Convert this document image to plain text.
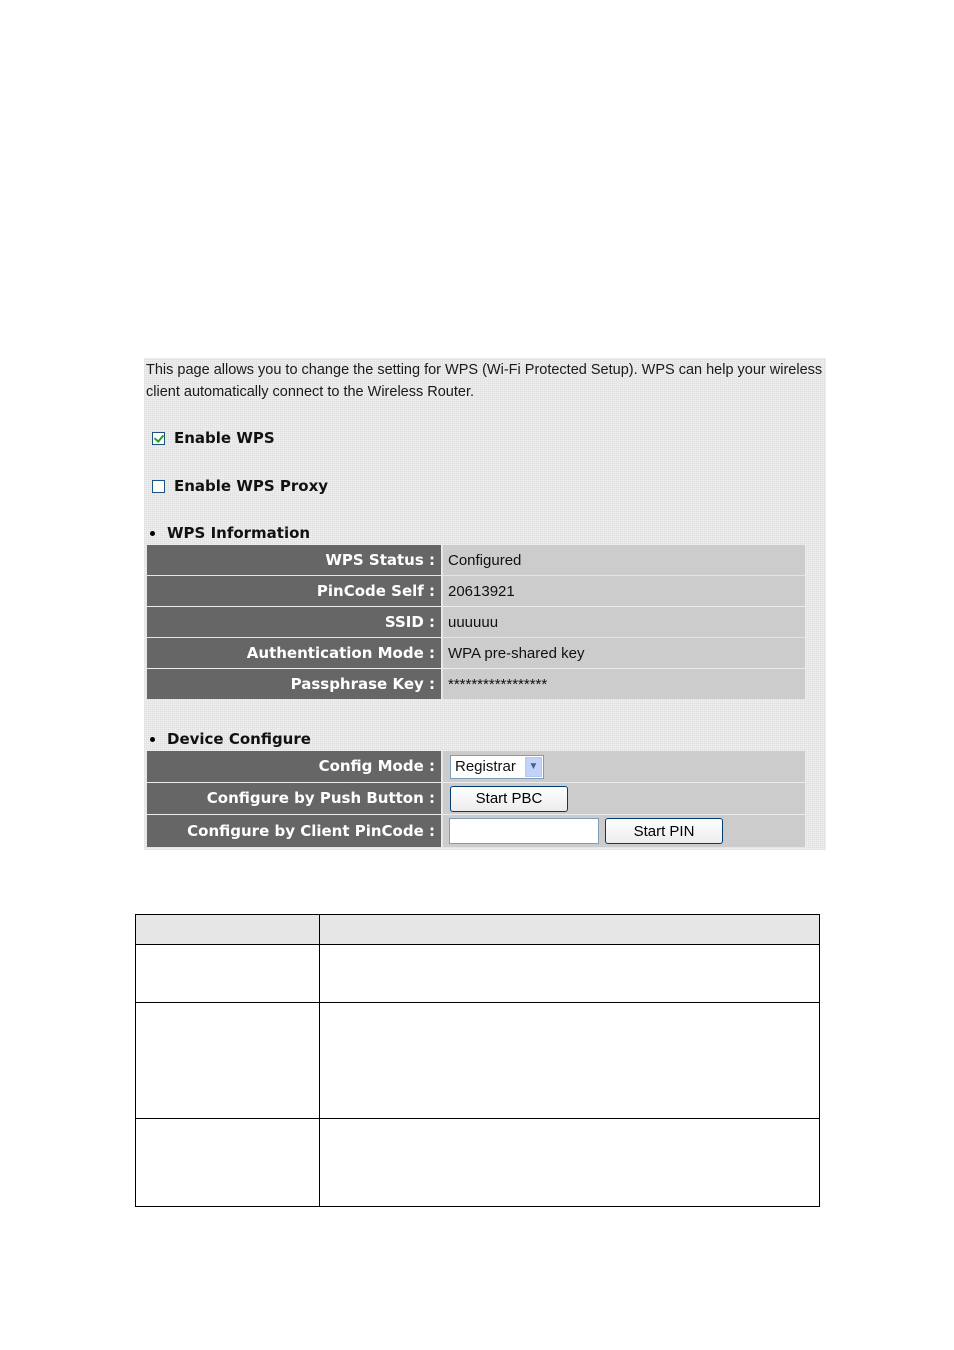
This page allows you to change the setting for WPS (Wi-Fi Protected Setup). WPS can help your wireless client automatically connect to the Wireless Router.
Enable WPS
Enable WPS Proxy
WPS Information
WPS Status : Configured
PinCode Self : 20613921
SSID : uuuuuu
Authentication Mode : WPA pre-shared key
Passphrase Key : *****************
Device Configure
Config Mode :	Registrar	▼
Configure by Push Button :	Start PBC
Configure by Client PinCode :	Start PIN
